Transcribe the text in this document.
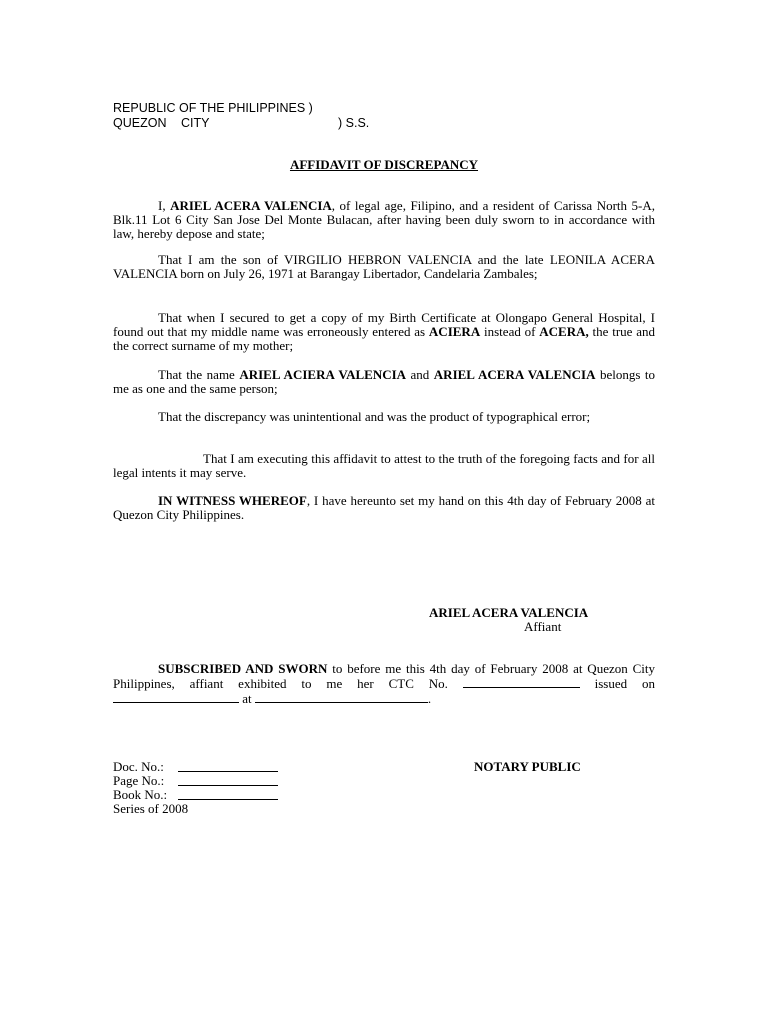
REPUBLIC OF THE PHILIPPINES )
QUEZON CITY	) S.S.
AFFIDAVIT OF DISCREPANCY

I, ARIEL ACERA VALENCIA, of legal age, Filipino, and a resident of Carissa North 5-A, Blk.11 Lot 6 City San Jose Del Monte Bulacan, after having been duly sworn to in accordance with law, hereby depose and state;

That I am the son of VIRGILIO HEBRON VALENCIA and the late LEONILA ACERA VALENCIA born on July 26, 1971 at Barangay Libertador, Candelaria Zambales;

That when I secured to get a copy of my Birth Certificate at Olongapo General Hospital, I found out that my middle name was erroneously entered as ACIERA instead of ACERA, the true and the correct surname of my mother;

That the name ARIEL ACIERA VALENCIA and ARIEL ACERA VALENCIA belongs to me as one and the same person;

That the discrepancy was unintentional and was the product of typographical error;

That I am executing this affidavit to attest to the truth of the foregoing facts and for all legal intents it may serve.

IN WITNESS WHEREOF, I have hereunto set my hand on this 4th day of February 2008 at Quezon City Philippines.

ARIEL ACERA VALENCIA
Affiant

SUBSCRIBED AND SWORN to before me this 4th day of February 2008 at Quezon City Philippines, affiant exhibited to me her CTC No.	issued on  at	.

Doc. No.:
Page No.:
Book No.:
Series of 2008
NOTARY PUBLIC
